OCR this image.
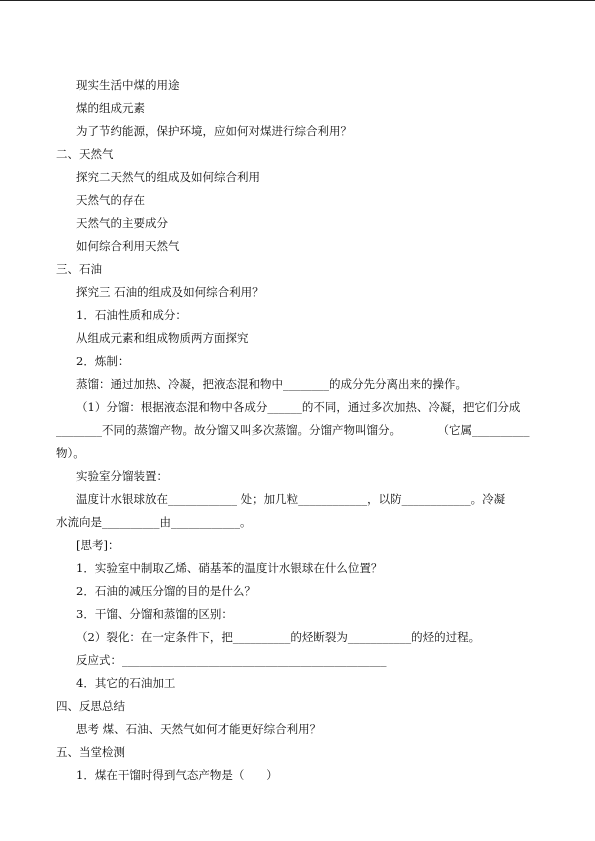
现实生活中煤的用途
煤的组成元素
为了节约能源，保护环境，应如何对煤进行综合利用？
二、天然气
探究二天然气的组成及如何综合利用
天然气的存在
天然气的主要成分
如何综合利用天然气
三、石油
探究三 石油的组成及如何综合利用？
1．石油性质和成分：
从组成元素和组成物质两方面探究
2．炼制：
蒸馏：通过加热、冷凝，把液态混和物中________的成分先分离出来的操作。
（1）分馏：根据液态混和物中各成分______的不同，通过多次加热、冷凝，把它们分成
________不同的蒸馏产物。故分馏又叫多次蒸馏。分馏产物叫馏分。          （它属__________
物）。
实验室分馏装置：
温度计水银球放在____________ 处；加几粒____________，以防____________。冷凝
水流向是__________由____________。
[思考]：
1．实验室中制取乙烯、硝基苯的温度计水银球在什么位置？
2．石油的减压分馏的目的是什么？
3．干馏、分馏和蒸馏的区别：
（2）裂化：在一定条件下，把__________的烃断裂为___________的烃的过程。
反应式：______________________________________________
4．其它的石油加工
四、反思总结
思考 煤、石油、天然气如何才能更好综合利用？
五、当堂检测
1．煤在干馏时得到气态产物是（      ）
